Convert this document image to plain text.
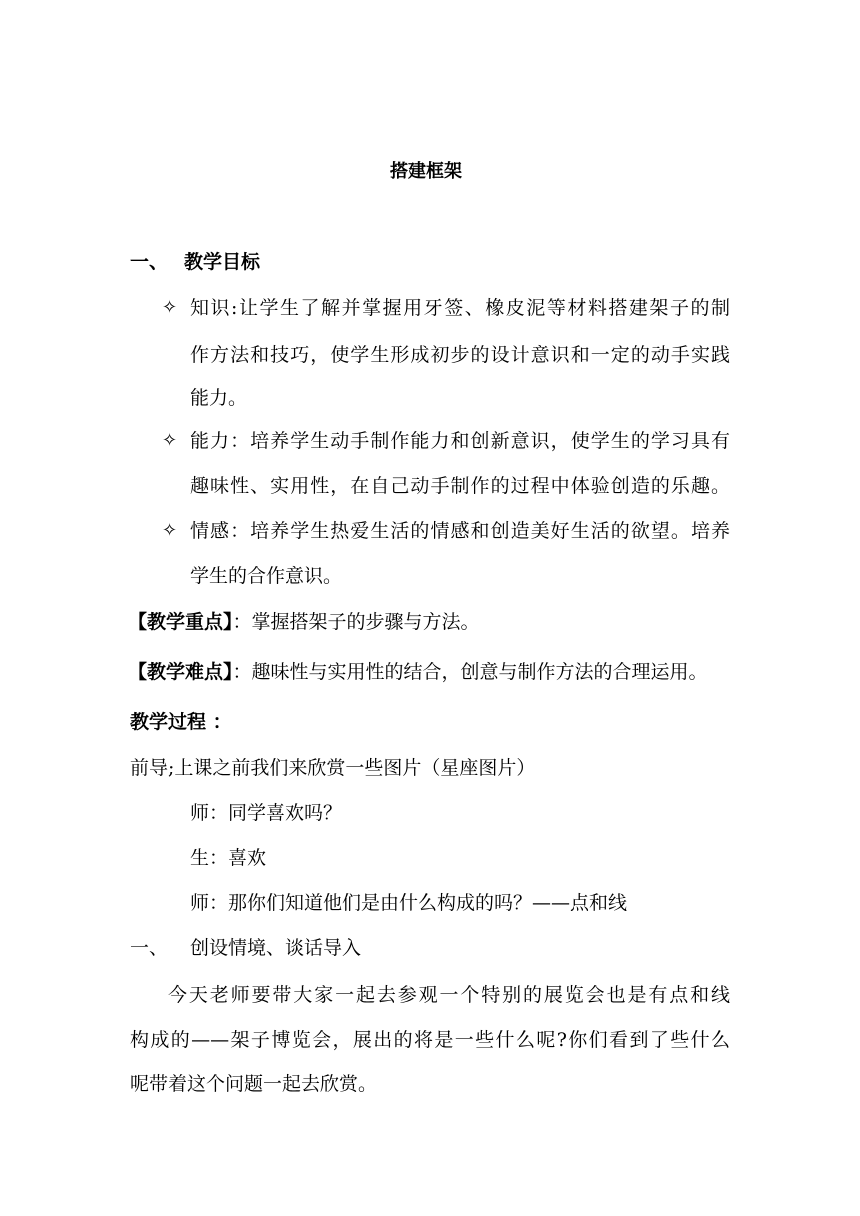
搭建框架
一、 教学目标
✧ 知识:让学生了解并掌握用牙签、橡皮泥等材料搭建架子的制
作方法和技巧，使学生形成初步的设计意识和一定的动手实践
能力。
✧ 能力：培养学生动手制作能力和创新意识，使学生的学习具有
趣味性、实用性，在自己动手制作的过程中体验创造的乐趣。
✧ 情感：培养学生热爱生活的情感和创造美好生活的欲望。培养
学生的合作意识。
【教学重点】：掌握搭架子的步骤与方法。
【教学难点】：趣味性与实用性的结合，创意与制作方法的合理运用。
教学过程 ：
前导;上课之前我们来欣赏一些图片（星座图片）
师：同学喜欢吗？
生：喜欢
师：那你们知道他们是由什么构成的吗？——点和线
一、 创设情境、谈话导入
今天老师要带大家一起去参观一个特别的展览会也是有点和线
构成的——架子博览会，展出的将是一些什么呢?你们看到了些什么
呢带着这个问题一起去欣赏。
